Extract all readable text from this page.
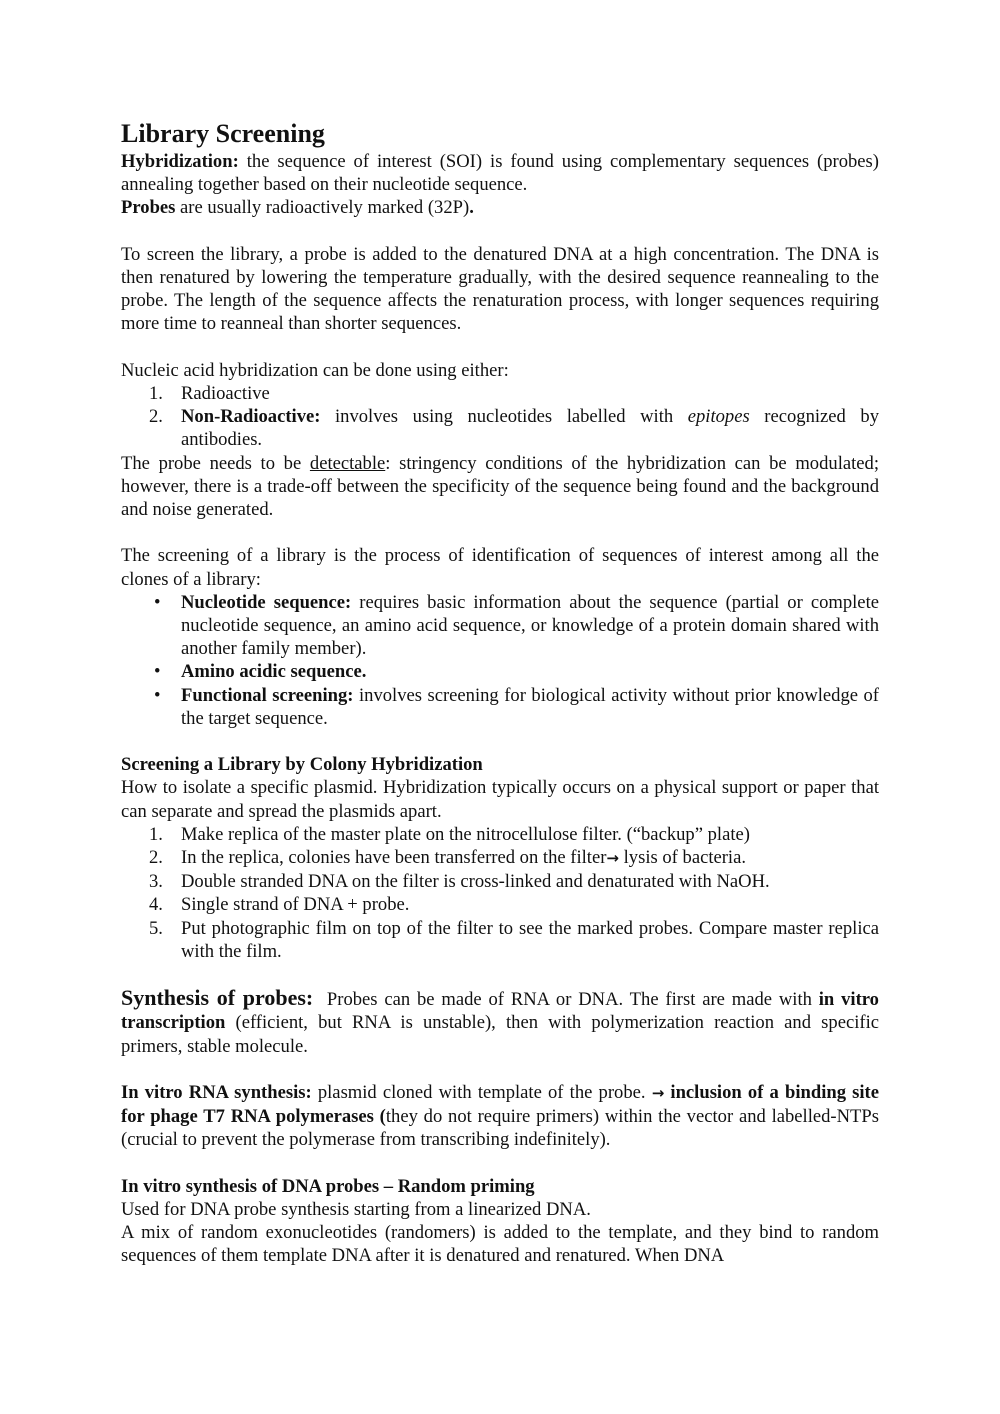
Library Screening

Hybridization: the sequence of interest (SOI) is found using complementary sequences (probes) annealing together based on their nucleotide sequence.

Probes are usually radioactively marked (32P).

To screen the library, a probe is added to the denatured DNA at a high concentration. The DNA is then renatured by lowering the temperature gradually, with the desired sequence reannealing to the probe. The length of the sequence affects the renaturation process, with longer sequences requiring more time to reanneal than shorter sequences.

Nucleic acid hybridization can be done using either:

1. Radioactive
2. Non-Radioactive: involves using nucleotides labelled with epitopes recognized by antibodies.

The probe needs to be detectable: stringency conditions of the hybridization can be modulated; however, there is a trade-off between the specificity of the sequence being found and the background and noise generated.

The screening of a library is the process of identification of sequences of interest among all the clones of a library:

• Nucleotide sequence: requires basic information about the sequence (partial or complete nucleotide sequence, an amino acid sequence, or knowledge of a protein domain shared with another family member).
• Amino acidic sequence.
• Functional screening: involves screening for biological activity without prior knowledge of the target sequence.

Screening a Library by Colony Hybridization

How to isolate a specific plasmid. Hybridization typically occurs on a physical support or paper that can separate and spread the plasmids apart.

1. Make replica of the master plate on the nitrocellulose filter. (“backup” plate)
2. In the replica, colonies have been transferred on the filter→ lysis of bacteria.
3. Double stranded DNA on the filter is cross-linked and denaturated with NaOH.
4. Single strand of DNA + probe.
5. Put photographic film on top of the filter to see the marked probes. Compare master replica with the film.

Synthesis of probes:  Probes can be made of RNA or DNA. The first are made with in vitro transcription (efficient, but RNA is unstable), then with polymerization reaction and specific primers, stable molecule.

In vitro RNA synthesis: plasmid cloned with template of the probe. → inclusion of a binding site for phage T7 RNA polymerases (they do not require primers) within the vector and labelled-NTPs (crucial to prevent the polymerase from transcribing indefinitely).

In vitro synthesis of DNA probes – Random priming

Used for DNA probe synthesis starting from a linearized DNA.

A mix of random exonucleotides (randomers) is added to the template, and they bind to random sequences of them template DNA after it is denatured and renatured. When DNA
